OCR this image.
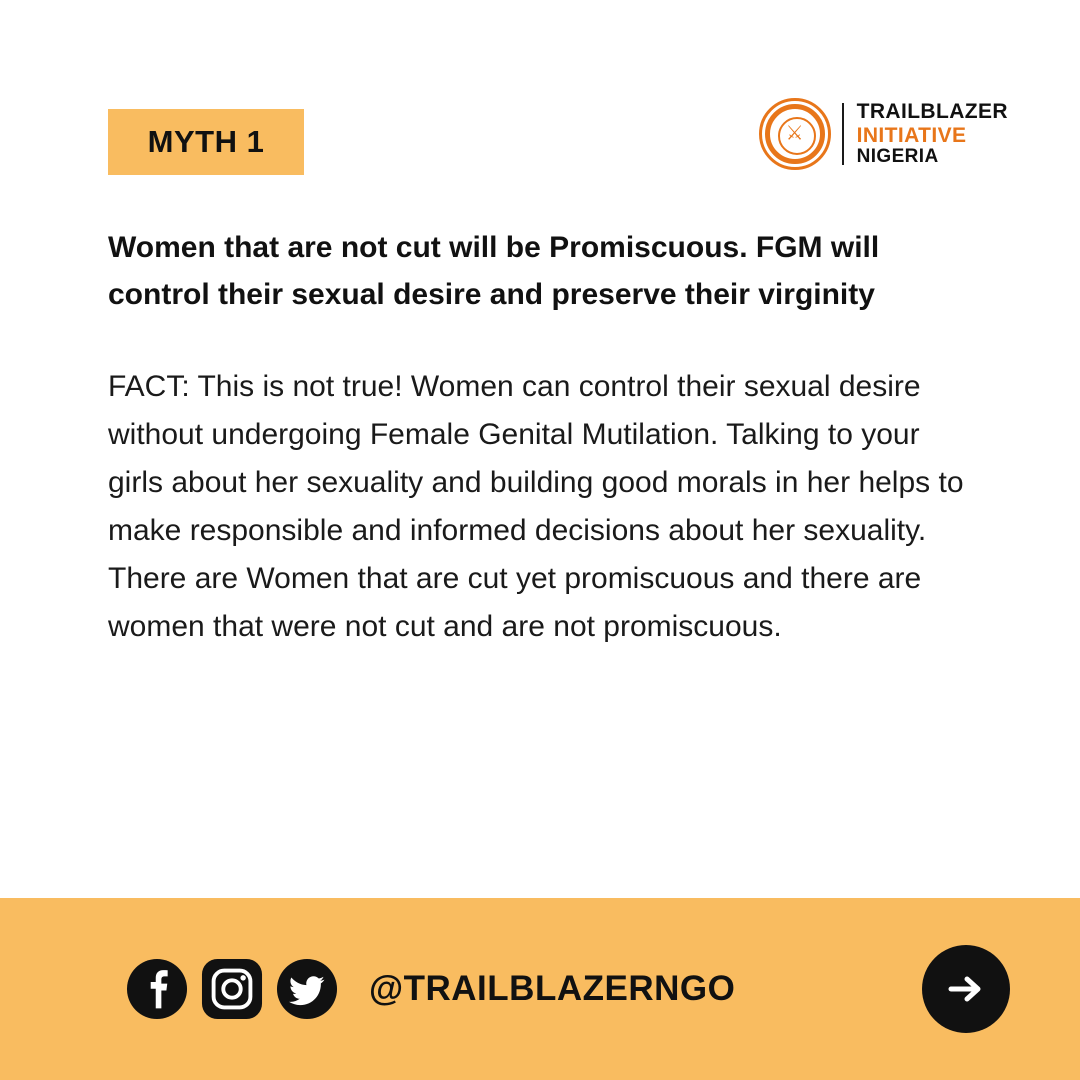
MYTH 1	⚔
TRAILBLAZER
INITIATIVE
NIGERIA

Women that are not cut will be Promiscuous. FGM will control their sexual desire and preserve their virginity

FACT: This is not true! Women can control their sexual desire without undergoing Female Genital Mutilation. Talking to your girls about her sexuality and building good morals in her helps to make responsible and informed decisions about her sexuality. There are Women that are cut yet promiscuous and there are women that were not cut and are not promiscuous.

@TRAILBLAZERNGO
